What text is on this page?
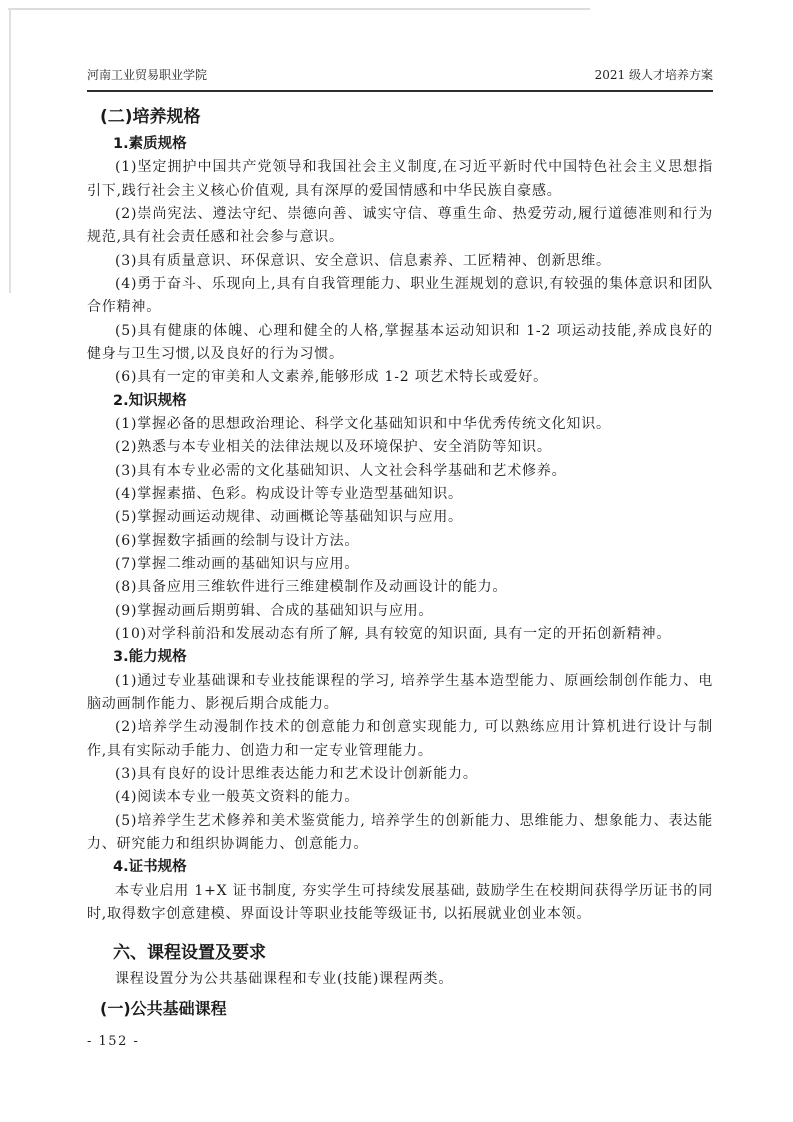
河南工业贸易职业学院	2021 级人才培养方案
(二)培养规格
1.素质规格
(1)坚定拥护中国共产党领导和我国社会主义制度,在习近平新时代中国特色社会主义思想指引下,践行社会主义核心价值观, 具有深厚的爱国情感和中华民族自豪感。
(2)崇尚宪法、遵法守纪、崇德向善、诚实守信、尊重生命、热爱劳动,履行道德准则和行为规范,具有社会责任感和社会参与意识。
(3)具有质量意识、环保意识、安全意识、信息素养、工匠精神、创新思维。
(4)勇于奋斗、乐现向上,具有自我管理能力、职业生涯规划的意识,有较强的集体意识和团队合作精神。
(5)具有健康的体魄、心理和健全的人格,掌握基本运动知识和 1-2 项运动技能,养成良好的健身与卫生习惯,以及良好的行为习惯。
(6)具有一定的审美和人文素养,能够形成 1-2 项艺术特长或爱好。
2.知识规格
(1)掌握必备的思想政治理论、科学文化基础知识和中华优秀传统文化知识。
(2)熟悉与本专业相关的法律法规以及环境保护、安全消防等知识。
(3)具有本专业必需的文化基础知识、人文社会科学基础和艺术修养。
(4)掌握素描、色彩。构成设计等专业造型基础知识。
(5)掌握动画运动规律、动画概论等基础知识与应用。
(6)掌握数字插画的绘制与设计方法。
(7)掌握二维动画的基础知识与应用。
(8)具备应用三维软件进行三维建模制作及动画设计的能力。
(9)掌握动画后期剪辑、合成的基础知识与应用。
(10)对学科前沿和发展动态有所了解, 具有较宽的知识面, 具有一定的开拓创新精神。
3.能力规格
(1)通过专业基础课和专业技能课程的学习, 培养学生基本造型能力、原画绘制创作能力、电脑动画制作能力、影视后期合成能力。
(2)培养学生动漫制作技术的创意能力和创意实现能力, 可以熟练应用计算机进行设计与制作,具有实际动手能力、创造力和一定专业管理能力。
(3)具有良好的设计思维表达能力和艺术设计创新能力。
(4)阅读本专业一般英文资料的能力。
(5)培养学生艺术修养和美术鉴赏能力, 培养学生的创新能力、思维能力、想象能力、表达能力、研究能力和组织协调能力、创意能力。
4.证书规格
本专业启用 1+X 证书制度, 夯实学生可持续发展基础, 鼓励学生在校期间获得学历证书的同时,取得数字创意建模、界面设计等职业技能等级证书, 以拓展就业创业本领。
六、课程设置及要求
课程设置分为公共基础课程和专业(技能)课程两类。
(一)公共基础课程
- 152 -
